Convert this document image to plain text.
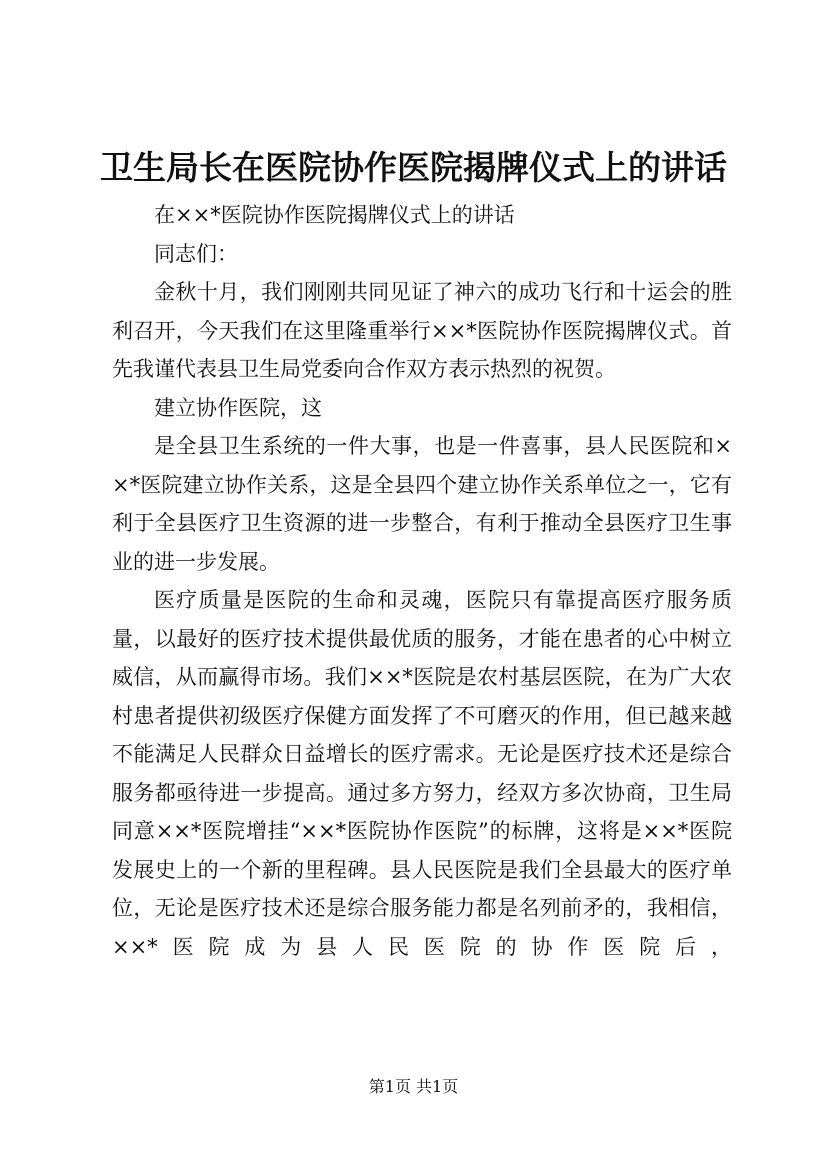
卫生局长在医院协作医院揭牌仪式上的讲话

在××*医院协作医院揭牌仪式上的讲话

同志们：

金秋十月，我们刚刚共同见证了神六的成功飞行和十运会的胜利召开，今天我们在这里隆重举行××*医院协作医院揭牌仪式。首先我谨代表县卫生局党委向合作双方表示热烈的祝贺。

建立协作医院，这

是全县卫生系统的一件大事，也是一件喜事，县人民医院和××*医院建立协作关系，这是全县四个建立协作关系单位之一，它有利于全县医疗卫生资源的进一步整合，有利于推动全县医疗卫生事业的进一步发展。

医疗质量是医院的生命和灵魂，医院只有靠提高医疗服务质量，以最好的医疗技术提供最优质的服务，才能在患者的心中树立威信，从而赢得市场。我们××*医院是农村基层医院，在为广大农村患者提供初级医疗保健方面发挥了不可磨灭的作用，但已越来越不能满足人民群众日益增长的医疗需求。无论是医疗技术还是综合服务都亟待进一步提高。通过多方努力，经双方多次协商，卫生局同意××*医院增挂“××*医院协作医院”的标牌，这将是××*医院发展史上的一个新的里程碑。县人民医院是我们全县最大的医疗单位，无论是医疗技术还是综合服务能力都是名列前矛的，我相信，××*医院成为县人民医院的协作医院后，

第1页 共1页
